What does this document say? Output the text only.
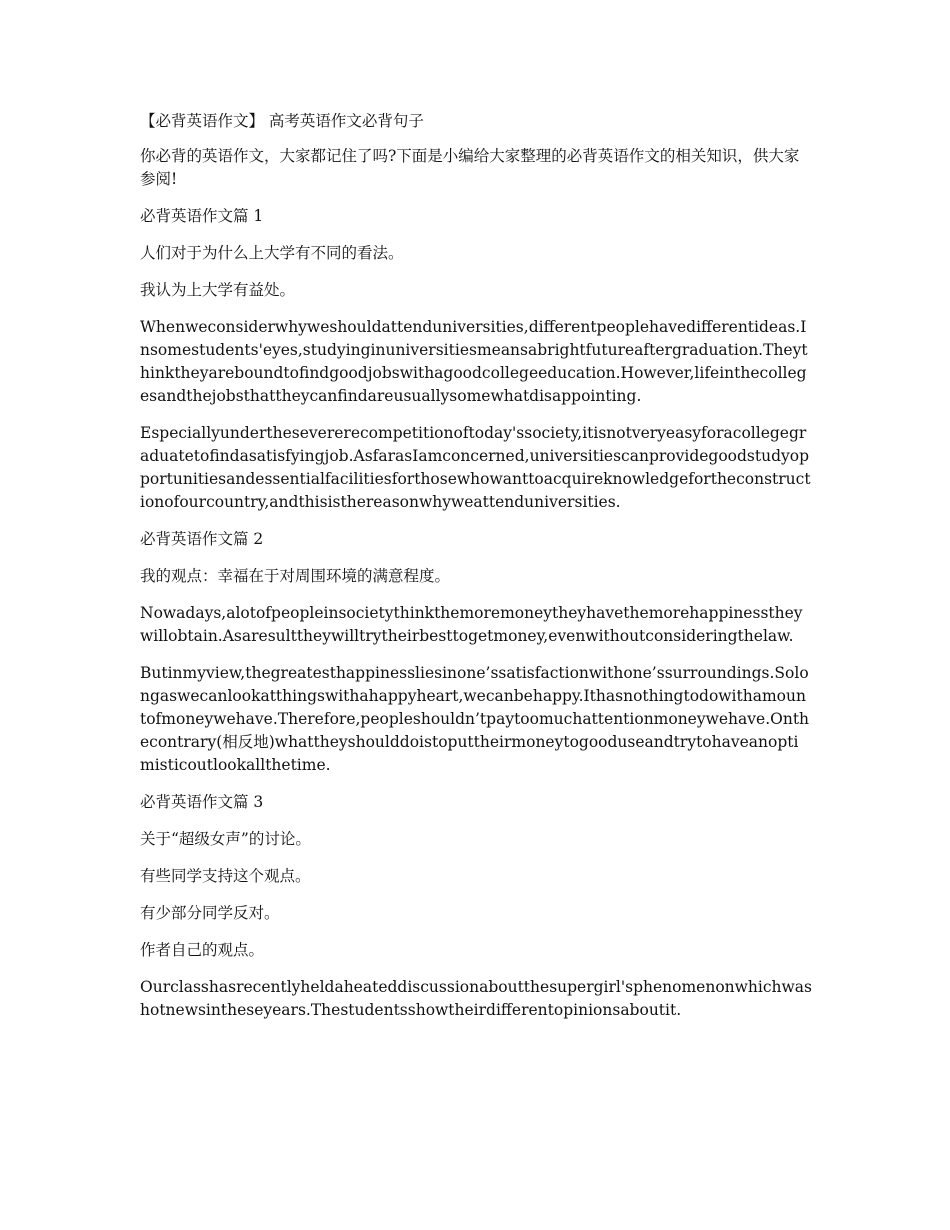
【必背英语作文】 高考英语作文必背句子

你必背的英语作文，大家都记住了吗?下面是小编给大家整理的必背英语作文的相关知识，供大家参阅!

必背英语作文篇 1

人们对于为什么上大学有不同的看法。

我认为上大学有益处。

Whenweconsiderwhyweshouldattenduniversities,differentpeoplehavedifferentideas.Insomestudents'eyes,studyinginuniversitiesmeansabrightfutureaftergraduation.Theythinktheyareboundtofindgoodjobswithagoodcollegeeducation.However,lifeinthecollegesandthejobsthattheycanfindareusuallysomewhatdisappointing.

Especiallyunderthesevererecompetitionoftoday'ssociety,itisnotveryeasyforacollegegraduatetofindasatisfyingjob.AsfarasIamconcerned,universitiescanprovidegoodstudyopportunitiesandessentialfacilitiesforthosewhowanttoacquireknowledgefortheconstructionofourcountry,andthisisthereasonwhyweattenduniversities.

必背英语作文篇 2

我的观点：幸福在于对周围环境的满意程度。

Nowadays,alotofpeopleinsocietythinkthemoremoneytheyhavethemorehappinesstheywillobtain.Asaresulttheywilltrytheirbesttogetmoney,evenwithoutconsideringthelaw.

Butinmyview,thegreatesthappinessliesinone’ssatisfactionwithone’ssurroundings.Solongaswecanlookatthingswithahappyheart,wecanbehappy.Ithasnothingtodowithamountofmoneywehave.Therefore,peopleshouldn’tpaytoomuchattentionmoneywehave.Onthecontrary(相反地)whattheyshoulddoistoputtheirmoneytogooduseandtrytohaveanoptimisticoutlookallthetime.

必背英语作文篇 3

关于“超级女声”的讨论。

有些同学支持这个观点。

有少部分同学反对。

作者自己的观点。

Ourclasshasrecentlyheldaheateddiscussionaboutthesupergirl'sphenomenonwhichwashotnewsintheseyears.Thestudentsshowtheirdifferentopinionsaboutit.
